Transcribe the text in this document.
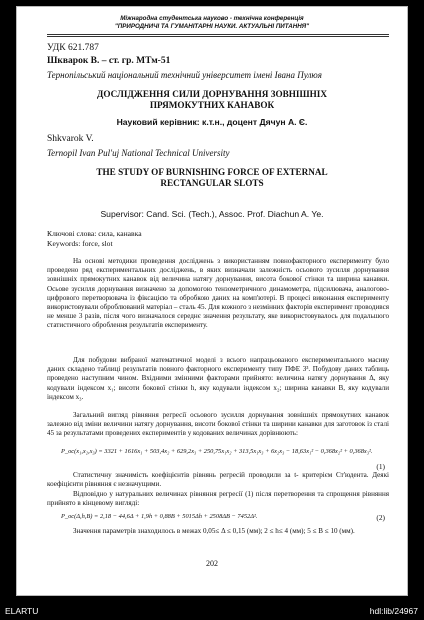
Міжнародна студентська науково - технічна конференція
"ПРИРОДНИЧІ ТА ГУМАНІТАРНІ НАУКИ. АКТУАЛЬНІ ПИТАННЯ"
УДК 621.787
Шкварок В. – ст. гр. МТм-51
Тернопільський національний технічний університет імені Івана Пулюя
ДОСЛІДЖЕННЯ СИЛИ ДОРНУВАННЯ ЗОВНІШНІХ
ПРЯМОКУТНИХ КАНАВОК
Науковий керівник: к.т.н., доцент Дячун А. Є.
Shkvarok V.
Ternopil Ivan Pul'uj National Technical University
THE STUDY OF BURNISHING FORCE OF EXTERNAL
RECTANGULAR SLOTS
Supervisor: Cand. Sci. (Tech.), Assoc. Prof. Diachun A. Ye.
Ключові слова: сила, канавка
Keywords: force, slot
На основі методики проведення досліджень з використанням повнофакторного експерименту було проведено ряд експериментальних досліджень, в яких визначали залежність осьового зусилля дорнування зовнішніх прямокутних канавок від величина натягу дорнування, висота бокової стінки та ширина канавки. Осьове зусилля дорнування визначено за допомогою тензометричного динамометра, підсилювача, аналогово-цифрового перетворювача із фіксацією та обробкою даних на комп'ютері. В процесі виконання експерименту використовували оброблюваний матеріал – сталь 45. Для кожного з незмінних факторів експеримент проводився не менше 3 разів, після чого визначалося середнє значення результату, яке використовувалось для подальшого статистичного оброблення результатів експерименту.
Для побудови вибраної математичної моделі з всього напрацьованого експериментального масиву даних складено таблиці результатів повного факторного експерименту типу ПФЕ 3³. Побудову даних таблиць проведено наступним чином. Вхідними змінними факторами прийнято: величина натягу дорнування Δ, яку кодували індексом x₁; висоти бокової стінки h, яку кодували індексом x₂; ширина канавки B, яку кодували індексом x₃.
Загальний вигляд рівняння регресії осьового зусилля дорнування зовнішніх прямокутних канавок залежно від зміни величини натягу дорнування, висоти бокової стінки та ширини канавки для заготовок із сталі 45 за результатами проведених експериментів у кодованих величинах дорівнюють:
P_oc(x₁,x₂,x₃) = 3321 + 1616x₁ + 503,4x₂ + 629,2x₃ + 250,75x₁x₂ + 313,5x₁x₃ + 6x₂x₃ − 18,63x₁² − 0,368x₂² + 0,368x₃².
(1)
Статистичну значимість коефіцієнтів рівнянь регресій проводили за t- критерієм Ст'юдента. Деякі коефіцієнти рівняння є незначущими.
Відповідно у натуральних величинах рівняння регресії (1) після перетворення та спрощення рівняння прийнято в кінцевому вигляді:
P_oc(Δ,h,B) = 2,18 − 44,6Δ + 1,9h + 0,88B + 5015Δh + 2508ΔB − 7452Δ².	(2)
Значення параметрів знаходилось в межах 0,05≤ Δ ≤ 0,15 (мм); 2 ≤ h≤ 4 (мм); 5 ≤ B ≤ 10 (мм).
202
ELARTU	hdl:lib/24967
